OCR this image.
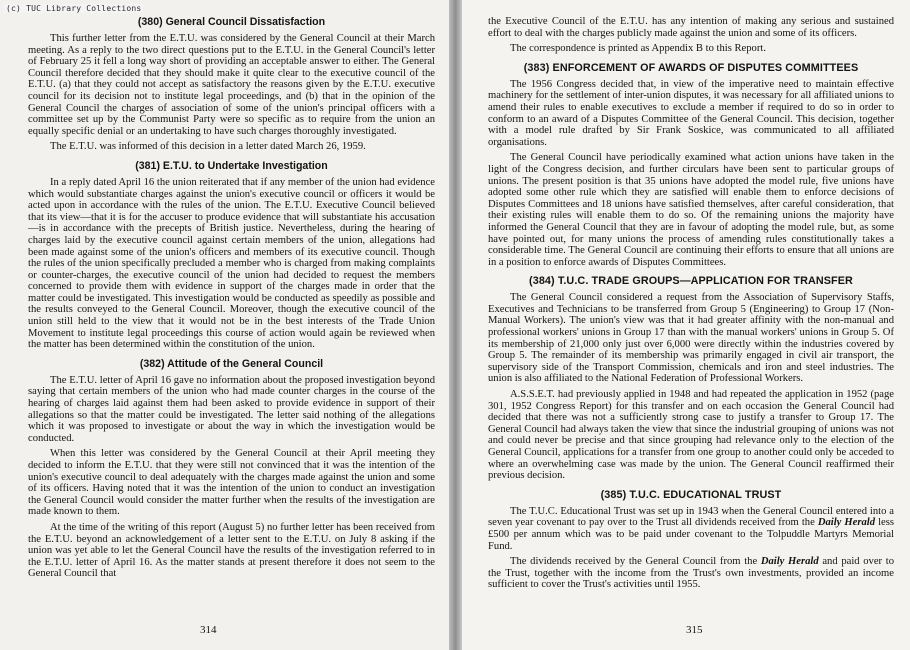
(c) TUC Library Collections
(380) General Council Dissatisfaction

This further letter from the E.T.U. was considered by the General Council at their March meeting. As a reply to the two direct questions put to the E.T.U. in the General Council's letter of February 25 it fell a long way short of providing an acceptable answer to either. The General Council therefore decided that they should make it quite clear to the executive council of the E.T.U. (a) that they could not accept as satisfactory the reasons given by the E.T.U. executive council for its decision not to institute legal proceedings, and (b) that in the opinion of the General Council the charges of association of some of the union's principal officers with a committee set up by the Communist Party were so specific as to require from the union an equally specific denial or an undertaking to have such charges thoroughly investigated.

The E.T.U. was informed of this decision in a letter dated March 26, 1959.

(381) E.T.U. to Undertake Investigation

In a reply dated April 16 the union reiterated that if any member of the union had evidence which would substantiate charges against the union's executive council or officers it would be acted upon in accordance with the rules of the union. The E.T.U. Executive Council believed that its view—that it is for the accuser to produce evidence that will substantiate his accusation—is in accordance with the precepts of British justice. Nevertheless, during the hearing of charges laid by the executive council against certain members of the union, allegations had been made against some of the union's officers and members of its executive council. Though the rules of the union specifically precluded a member who is charged from making complaints or counter-charges, the executive council of the union had decided to request the members concerned to provide them with evidence in support of the charges made in order that the matter could be investigated. This investigation would be conducted as speedily as possible and the results conveyed to the General Council. Moreover, though the executive council of the union still held to the view that it would not be in the best interests of the Trade Union Movement to institute legal proceedings this course of action would again be reviewed when the matter has been determined within the constitution of the union.

(382) Attitude of the General Council

The E.T.U. letter of April 16 gave no information about the proposed investigation beyond saying that certain members of the union who had made counter charges in the course of the hearing of charges laid against them had been asked to provide evidence in support of their allegations so that the matter could be investigated. The letter said nothing of the allegations which it was proposed to investigate or about the way in which the investigation would be conducted.

When this letter was considered by the General Council at their April meeting they decided to inform the E.T.U. that they were still not convinced that it was the intention of the union's executive council to deal adequately with the charges made against the union and some of its officers. Having noted that it was the intention of the union to conduct an investigation the General Council would consider the matter further when the results of the investigation are made known to them.

At the time of the writing of this report (August 5) no further letter has been received from the E.T.U. beyond an acknowledgement of a letter sent to the E.T.U. on July 8 asking if the union was yet able to let the General Council have the results of the investigation referred to in the E.T.U. letter of April 16. As the matter stands at present therefore it does not seem to the General Council that

314

the Executive Council of the E.T.U. has any intention of making any serious and sustained effort to deal with the charges publicly made against the union and some of its officers.

The correspondence is printed as Appendix B to this Report.

(383) ENFORCEMENT OF AWARDS OF DISPUTES COMMITTEES

The 1956 Congress decided that, in view of the imperative need to maintain effective machinery for the settlement of inter-union disputes, it was necessary for all affiliated unions to amend their rules to enable executives to exclude a member if required to do so in order to conform to an award of a Disputes Committee of the General Council. This decision, together with a model rule drafted by Sir Frank Soskice, was communicated to all affiliated organisations.

The General Council have periodically examined what action unions have taken in the light of the Congress decision, and further circulars have been sent to particular groups of unions. The present position is that 35 unions have adopted the model rule, five unions have adopted some other rule which they are satisfied will enable them to enforce decisions of Disputes Committees and 18 unions have satisfied themselves, after careful consideration, that their existing rules will enable them to do so. Of the remaining unions the majority have informed the General Council that they are in favour of adopting the model rule, but, as some have pointed out, for many unions the process of amending rules constitutionally takes a considerable time. The General Council are continuing their efforts to ensure that all unions are in a position to enforce awards of Disputes Committees.

(384) T.U.C. TRADE GROUPS—APPLICATION FOR TRANSFER

The General Council considered a request from the Association of Supervisory Staffs, Executives and Technicians to be transferred from Group 5 (Engineering) to Group 17 (Non-Manual Workers). The union's view was that it had greater affinity with the non-manual and professional workers' unions in Group 17 than with the manual workers' unions in Group 5. Of its membership of 21,000 only just over 6,000 were directly within the industries covered by Group 5. The remainder of its membership was primarily engaged in civil air transport, the supervisory side of the Transport Commission, chemicals and iron and steel industries. The union is also affiliated to the National Federation of Professional Workers.

A.S.S.E.T. had previously applied in 1948 and had repeated the application in 1952 (page 301, 1952 Congress Report) for this transfer and on each occasion the General Council had decided that there was not a sufficiently strong case to justify a transfer to Group 17. The General Council had always taken the view that since the industrial grouping of unions was not and could never be precise and that since grouping had relevance only to the election of the General Council, applications for a transfer from one group to another could only be acceded to where an overwhelming case was made by the union. The General Council reaffirmed their previous decision.

(385) T.U.C. EDUCATIONAL TRUST

The T.U.C. Educational Trust was set up in 1943 when the General Council entered into a seven year covenant to pay over to the Trust all dividends received from the Daily Herald less £500 per annum which was to be paid under covenant to the Tolpuddle Martyrs Memorial Fund.

The dividends received by the General Council from the Daily Herald and paid over to the Trust, together with the income from the Trust's own investments, provided an income sufficient to cover the Trust's activities until 1955.

315
